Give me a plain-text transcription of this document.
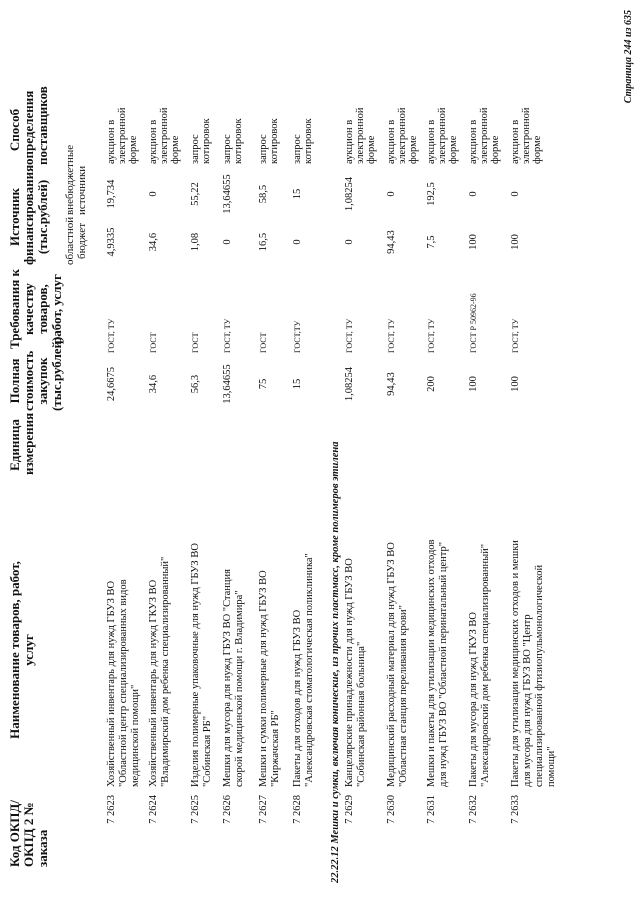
Код ОКПД/ ОКПД 2 № заказа
Наименование товаров, работ, услуг
Единица измерения
Полная стоимость закупок (тыс.рублей)
Требования к качеству товаров, работ, услуг
Источник финансирования (тыс.рублей) областной бюджет
внебюджетные источники
Способ определения поставщиков
7 2623
Хозяйственный инвентарь для нужд ГБУЗ ВО "Областной центр специализированных видов медицинской помощи"
24,6675
ГОСТ, ТУ
4,9335
19,734
аукцион в электронной форме
7 2624
Хозяйственный инвентарь для нужд ГКУЗ ВО "Владимирский дом ребенка специализированный"
34,6
ГОСТ
34,6
0
аукцион в электронной форме
7 2625
Изделия полимерные упаковочные для нужд ГБУЗ ВО "Собинская РБ"
56,3
ГОСТ
1,08
55,22
запрос котировок
7 2626
Мешки для мусора для нужд ГБУЗ ВО "Станция скорой медицинской помощи г. Владимира"
13,64655
ГОСТ, ТУ
0
13,64655
запрос котировок
7 2627
Мешки и сумки полимерные для нужд ГБУЗ ВО "Киржачская РБ"
75
ГОСТ
16,5
58,5
запрос котировок
7 2628
Пакеты для отходов для нужд ГБУЗ ВО "Александровская стоматологическая поликлиника"
15
ГОСТ,ТУ
0
15
запрос котировок
7 2629
Канцелярские принадлежности для нужд ГБУЗ ВО "Собинская районная больница"
1,08254
ГОСТ, ТУ
0
1,08254
аукцион в электронной форме
7 2630
Медицинский расходный материал для нужд ГБУЗ ВО "Областная станция переливания крови"
94,43
ГОСТ, ТУ
94,43
0
аукцион в электронной форме
7 2631
Мешки и пакеты для утилизации медицинских отходов для нужд ГБУЗ ВО "Областной перинатальный центр"
200
ГОСТ, ТУ
7,5
192,5
аукцион в электронной форме
7 2632
Пакеты для мусора для нужд ГКУЗ ВО "Александровский дом ребенка специализированный"
100
ГОСТ Р 50962-96
100
0
аукцион в электронной форме
7 2633
Пакеты для утилизации медицинских отходов и мешки для мусора для нужд ГБУЗ ВО "Центр специализированной фтизиопульмонологической помощи"
100
ГОСТ, ТУ
100
0
аукцион в электронной форме
22.22.12 Мешки и сумки, включая конические, из прочих пластмасс, кроме полимеров этилена
Страница 244 из 635
